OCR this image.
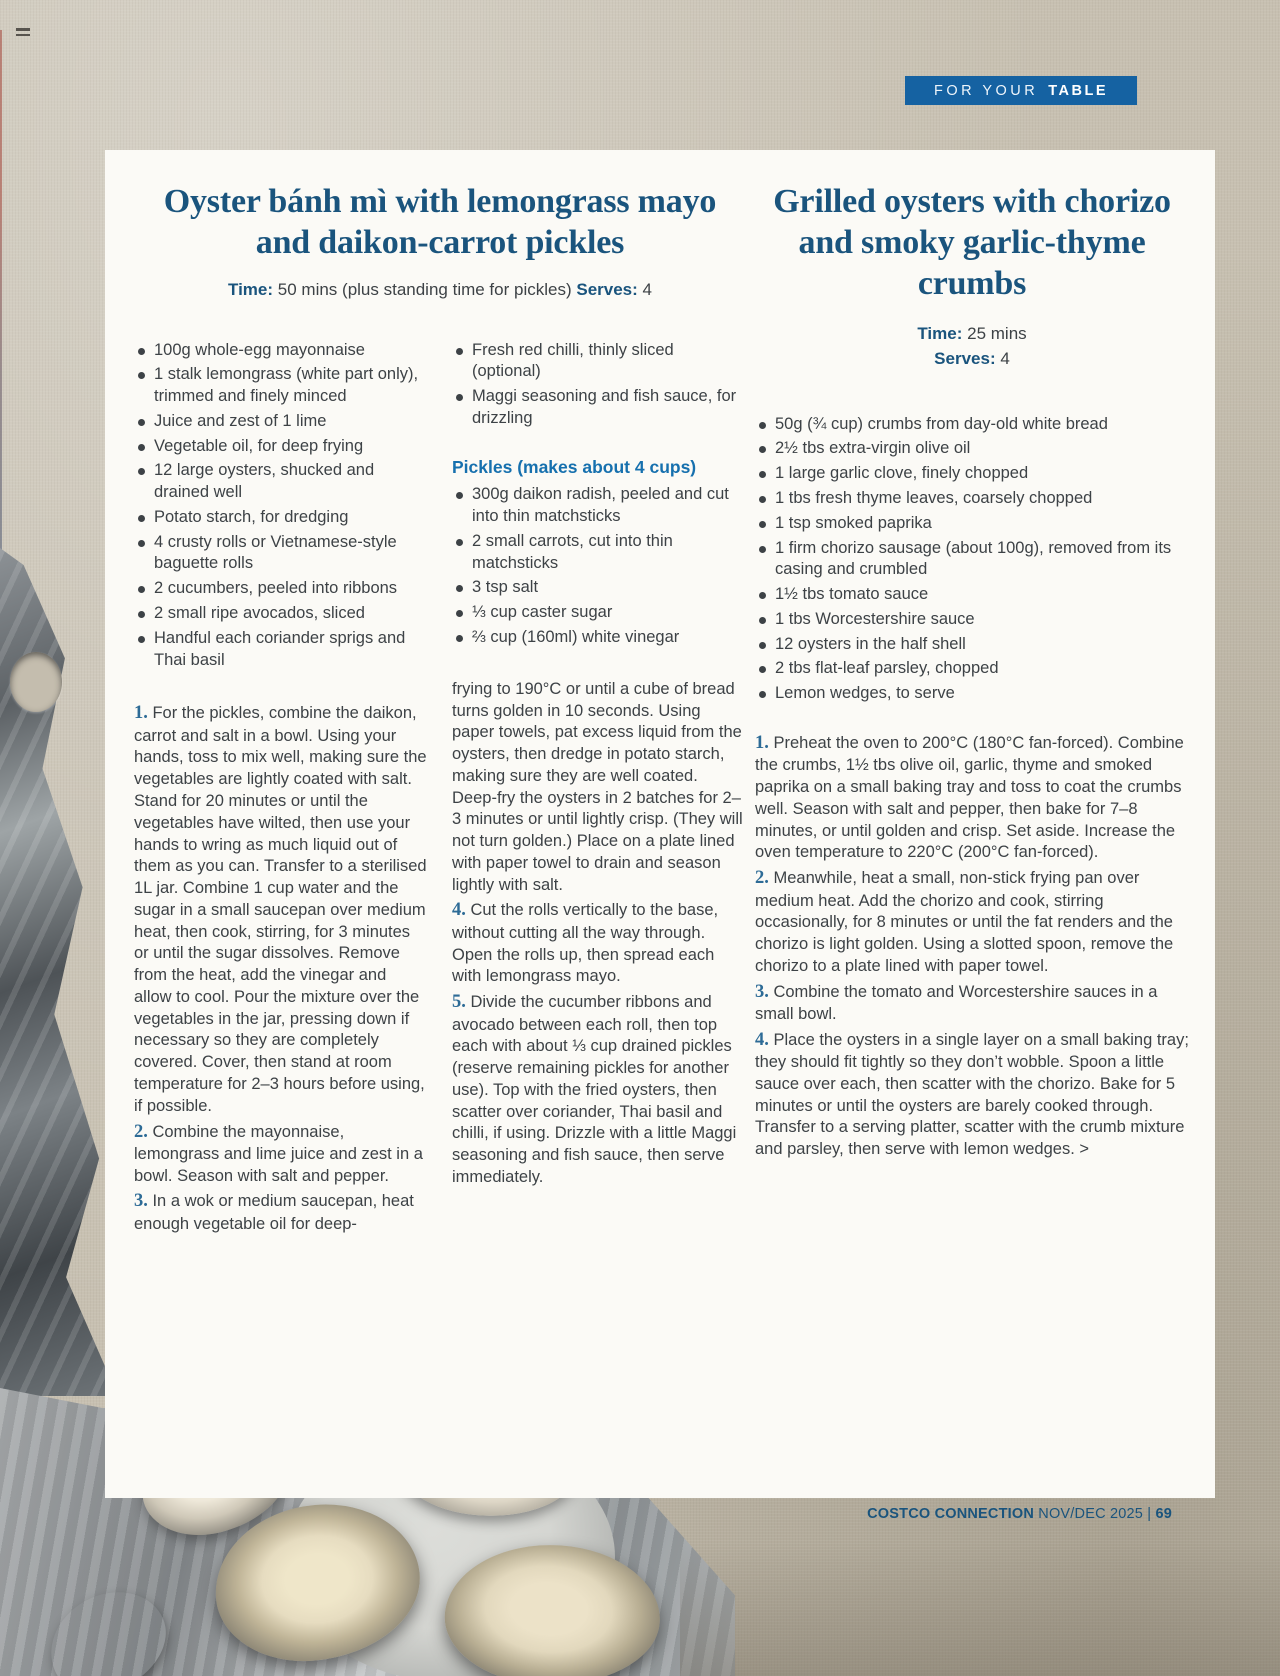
FOR YOUR TABLE
Oyster bánh mì with lemongrass mayo and daikon-carrot pickles

Time: 50 mins (plus standing time for pickles) Serves: 4

100g whole-egg mayonnaise
1 stalk lemongrass (white part only), trimmed and finely minced
Juice and zest of 1 lime
Vegetable oil, for deep frying
12 large oysters, shucked and drained well
Potato starch, for dredging
4 crusty rolls or Vietnamese-style baguette rolls
2 cucumbers, peeled into ribbons
2 small ripe avocados, sliced
Handful each coriander sprigs and Thai basil

1. For the pickles, combine the daikon, carrot and salt in a bowl. Using your hands, toss to mix well, making sure the vegetables are lightly coated with salt. Stand for 20 minutes or until the vegetables have wilted, then use your hands to wring as much liquid out of them as you can. Transfer to a sterilised 1L jar. Combine 1 cup water and the sugar in a small saucepan over medium heat, then cook, stirring, for 3 minutes or until the sugar dissolves. Remove from the heat, add the vinegar and allow to cool. Pour the mixture over the vegetables in the jar, pressing down if necessary so they are completely covered. Cover, then stand at room temperature for 2–3 hours before using, if possible.

2. Combine the mayonnaise, lemongrass and lime juice and zest in a bowl. Season with salt and pepper.

3. In a wok or medium saucepan, heat enough vegetable oil for deep-

Fresh red chilli, thinly sliced (optional)
Maggi seasoning and fish sauce, for drizzling
Pickles (makes about 4 cups)
300g daikon radish, peeled and cut into thin matchsticks
2 small carrots, cut into thin matchsticks
3 tsp salt
⅓ cup caster sugar
⅔ cup (160ml) white vinegar

frying to 190°C or until a cube of bread turns golden in 10 seconds. Using paper towels, pat excess liquid from the oysters, then dredge in potato starch, making sure they are well coated. Deep-fry the oysters in 2 batches for 2–3 minutes or until lightly crisp. (They will not turn golden.) Place on a plate lined with paper towel to drain and season lightly with salt.

4. Cut the rolls vertically to the base, without cutting all the way through. Open the rolls up, then spread each with lemongrass mayo.

5. Divide the cucumber ribbons and avocado between each roll, then top each with about ⅓ cup drained pickles (reserve remaining pickles for another use). Top with the fried oysters, then scatter over coriander, Thai basil and chilli, if using. Drizzle with a little Maggi seasoning and fish sauce, then serve immediately.

Grilled oysters with chorizo and smoky garlic-thyme crumbs

Time: 25 mins
Serves: 4

50g (¾ cup) crumbs from day-old white bread
2½ tbs extra-virgin olive oil
1 large garlic clove, finely chopped
1 tbs fresh thyme leaves, coarsely chopped
1 tsp smoked paprika
1 firm chorizo sausage (about 100g), removed from its casing and crumbled
1½ tbs tomato sauce
1 tbs Worcestershire sauce
12 oysters in the half shell
2 tbs flat-leaf parsley, chopped
Lemon wedges, to serve

1. Preheat the oven to 200°C (180°C fan-forced). Combine the crumbs, 1½ tbs olive oil, garlic, thyme and smoked paprika on a small baking tray and toss to coat the crumbs well. Season with salt and pepper, then bake for 7–8 minutes, or until golden and crisp. Set aside. Increase the oven temperature to 220°C (200°C fan-forced).

2. Meanwhile, heat a small, non-stick frying pan over medium heat. Add the chorizo and cook, stirring occasionally, for 8 minutes or until the fat renders and the chorizo is light golden. Using a slotted spoon, remove the chorizo to a plate lined with paper towel.

3. Combine the tomato and Worcestershire sauces in a small bowl.

4. Place the oysters in a single layer on a small baking tray; they should fit tightly so they don’t wobble. Spoon a little sauce over each, then scatter with the chorizo. Bake for 5 minutes or until the oysters are barely cooked through. Transfer to a serving platter, scatter with the crumb mixture and parsley, then serve with lemon wedges. >

COSTCO CONNECTION NOV/DEC 2025 | 69
